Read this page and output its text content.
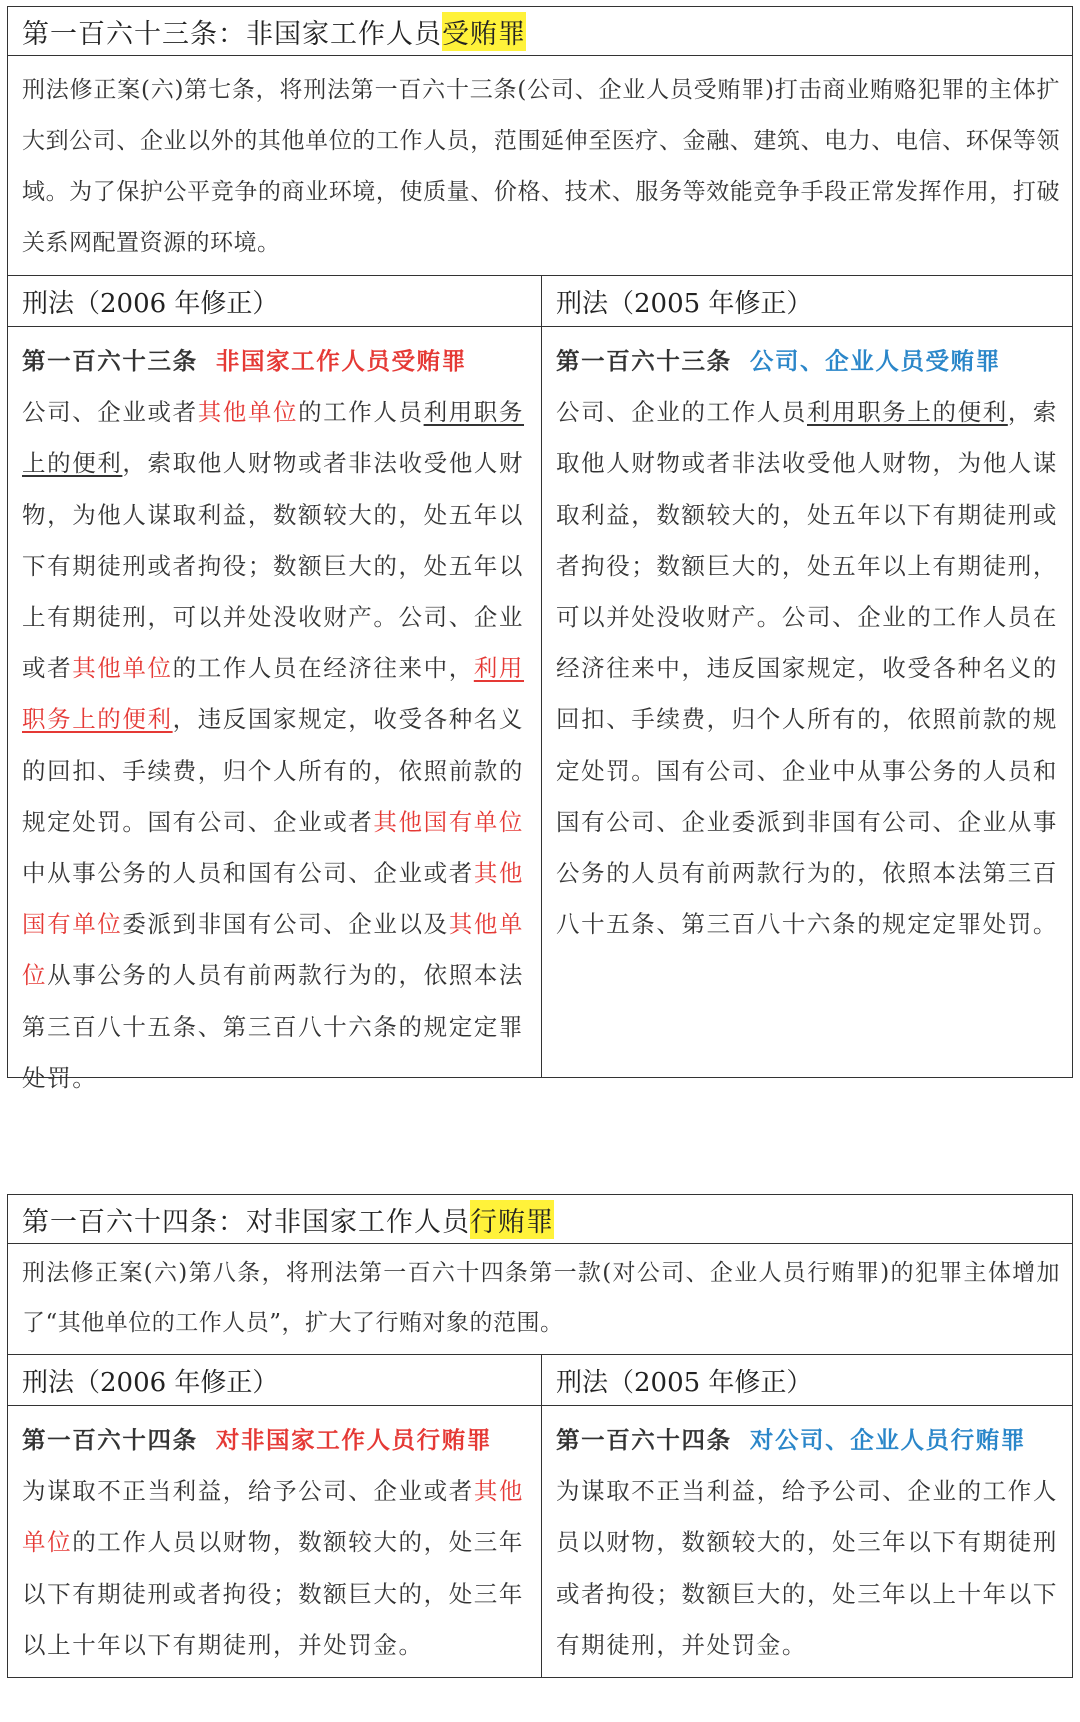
第一百六十三条：非国家工作人员 受贿罪
刑法修正案(六)第七条，将刑法第一百六十三条(公司、企业人员受贿罪)打击商业贿赂犯罪的主体扩大到公司、企业以外的其他单位的工作人员，范围延伸至医疗、金融、建筑、电力、电信、环保等领域。为了保护公平竞争的商业环境，使质量、价格、技术、服务等效能竞争手段正常发挥作用，打破关系网配置资源的环境。
刑法（2006 年修正）	刑法（2005 年修正）
第一百六十三条 非国家工作人员受贿罪
公司、企业或者其他单位的工作人员利用职务上的便利，索取他人财物或者非法收受他人财物，为他人谋取利益，数额较大的，处五年以下有期徒刑或者拘役；数额巨大的，处五年以上有期徒刑，可以并处没收财产。公司、企业或者其他单位的工作人员在经济往来中，利用职务上的便利，违反国家规定，收受各种名义的回扣、手续费，归个人所有的，依照前款的规定处罚。国有公司、企业或者其他国有单位中从事公务的人员和国有公司、企业或者其他国有单位委派到非国有公司、企业以及其他单位从事公务的人员有前两款行为的，依照本法第三百八十五条、第三百八十六条的规定定罪处罚。
第一百六十三条 公司、企业人员受贿罪
公司、企业的工作人员利用职务上的便利，索取他人财物或者非法收受他人财物，为他人谋取利益，数额较大的，处五年以下有期徒刑或者拘役；数额巨大的，处五年以上有期徒刑，可以并处没收财产。公司、企业的工作人员在经济往来中，违反国家规定，收受各种名义的回扣、手续费，归个人所有的，依照前款的规定处罚。国有公司、企业中从事公务的人员和国有公司、企业委派到非国有公司、企业从事公务的人员有前两款行为的，依照本法第三百八十五条、第三百八十六条的规定定罪处罚。
第一百六十四条：对非国家工作人员 行贿罪
刑法修正案(六)第八条，将刑法第一百六十四条第一款(对公司、企业人员行贿罪)的犯罪主体增加了“其他单位的工作人员”，扩大了行贿对象的范围。
刑法（2006 年修正）	刑法（2005 年修正）
第一百六十四条 对非国家工作人员行贿罪
为谋取不正当利益，给予公司、企业或者其他单位的工作人员以财物，数额较大的，处三年以下有期徒刑或者拘役；数额巨大的，处三年以上十年以下有期徒刑，并处罚金。
第一百六十四条 对公司、企业人员行贿罪
为谋取不正当利益，给予公司、企业的工作人员以财物，数额较大的，处三年以下有期徒刑或者拘役；数额巨大的，处三年以上十年以下有期徒刑，并处罚金。
